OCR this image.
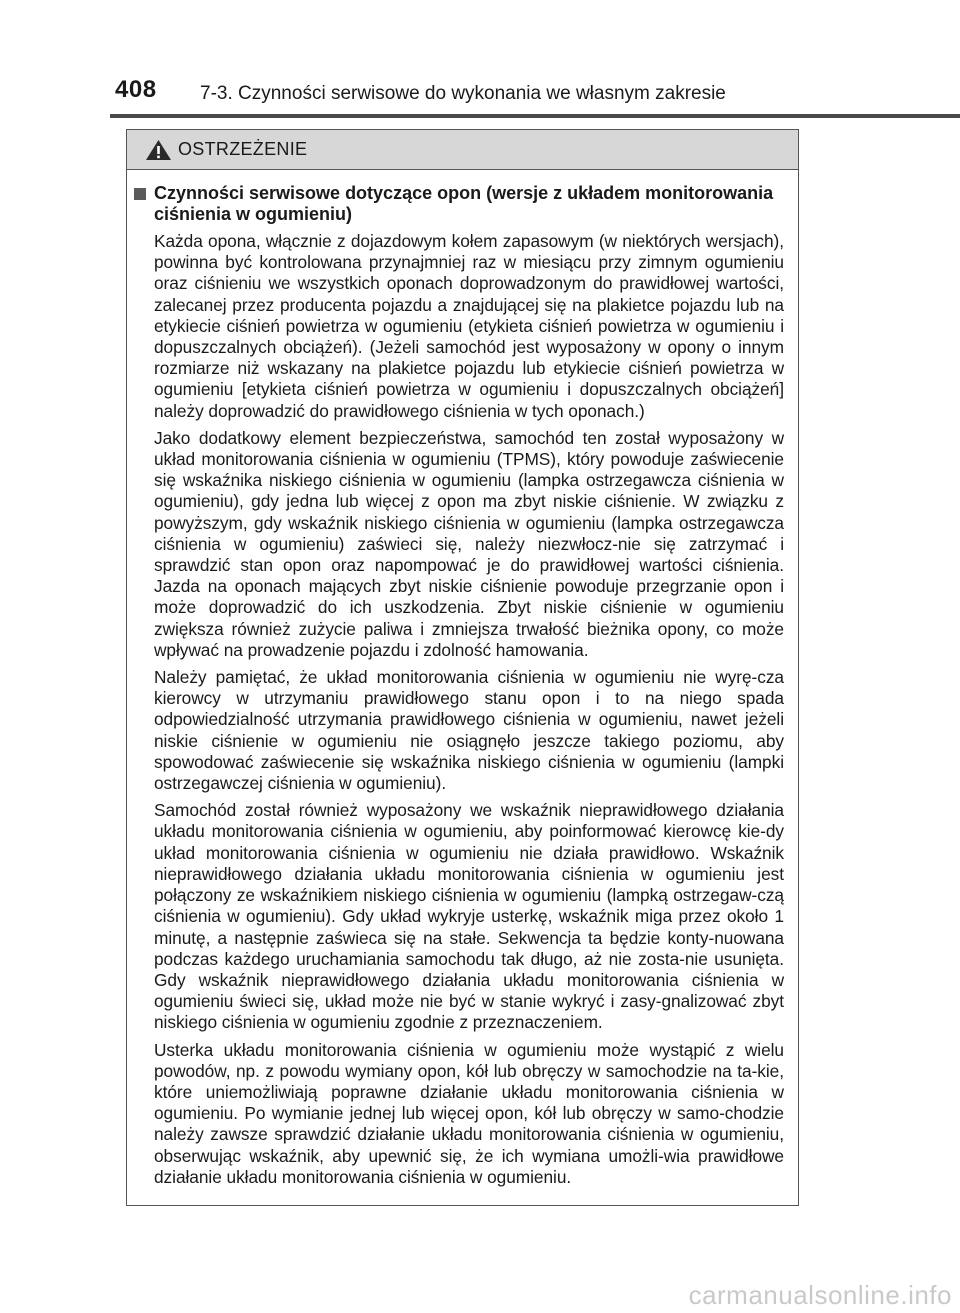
408 7-3. Czynności serwisowe do wykonania we własnym zakresie
OSTRZEŻENIE
Czynności serwisowe dotyczące opon (wersje z układem monitorowania ciśnienia w ogumieniu)

Każda opona, włącznie z dojazdowym kołem zapasowym (w niektórych wersjach), powinna być kontrolowana przynajmniej raz w miesiącu przy zimnym ogumieniu oraz ciśnieniu we wszystkich oponach doprowadzonym do prawidłowej wartości, zalecanej przez producenta pojazdu a znajdującej się na plakietce pojazdu lub na etykiecie ciśnień powietrza w ogumieniu (etykieta ciśnień powietrza w ogumieniu i dopuszczalnych obciążeń). (Jeżeli samochód jest wyposażony w opony o innym rozmiarze niż wskazany na plakietce pojazdu lub etykiecie ciśnień powietrza w ogumieniu [etykieta ciśnień powietrza w ogumieniu i dopuszczalnych obciążeń] należy doprowadzić do prawidłowego ciśnienia w tych oponach.)

Jako dodatkowy element bezpieczeństwa, samochód ten został wyposażony w układ monitorowania ciśnienia w ogumieniu (TPMS), który powoduje zaświecenie się wskaźnika niskiego ciśnienia w ogumieniu (lampka ostrzegawcza ciśnienia w ogumieniu), gdy jedna lub więcej z opon ma zbyt niskie ciśnienie. W związku z powyższym, gdy wskaźnik niskiego ciśnienia w ogumieniu (lampka ostrzegawcza ciśnienia w ogumieniu) zaświeci się, należy niezwłocz-nie się zatrzymać i sprawdzić stan opon oraz napompować je do prawidłowej wartości ciśnienia. Jazda na oponach mających zbyt niskie ciśnienie powoduje przegrzanie opon i może doprowadzić do ich uszkodzenia. Zbyt niskie ciśnienie w ogumieniu zwiększa również zużycie paliwa i zmniejsza trwałość bieżnika opony, co może wpływać na prowadzenie pojazdu i zdolność hamowania.

Należy pamiętać, że układ monitorowania ciśnienia w ogumieniu nie wyrę-cza kierowcy w utrzymaniu prawidłowego stanu opon i to na niego spada odpowiedzialność utrzymania prawidłowego ciśnienia w ogumieniu, nawet jeżeli niskie ciśnienie w ogumieniu nie osiągnęło jeszcze takiego poziomu, aby spowodować zaświecenie się wskaźnika niskiego ciśnienia w ogumieniu (lampki ostrzegawczej ciśnienia w ogumieniu).

Samochód został również wyposażony we wskaźnik nieprawidłowego działania układu monitorowania ciśnienia w ogumieniu, aby poinformować kierowcę kie-dy układ monitorowania ciśnienia w ogumieniu nie działa prawidłowo. Wskaźnik nieprawidłowego działania układu monitorowania ciśnienia w ogumieniu jest połączony ze wskaźnikiem niskiego ciśnienia w ogumieniu (lampką ostrzegaw-czą ciśnienia w ogumieniu). Gdy układ wykryje usterkę, wskaźnik miga przez około 1 minutę, a następnie zaświeca się na stałe. Sekwencja ta będzie konty-nuowana podczas każdego uruchamiania samochodu tak długo, aż nie zosta-nie usunięta. Gdy wskaźnik nieprawidłowego działania układu monitorowania ciśnienia w ogumieniu świeci się, układ może nie być w stanie wykryć i zasy-gnalizować zbyt niskiego ciśnienia w ogumieniu zgodnie z przeznaczeniem.

Usterka układu monitorowania ciśnienia w ogumieniu może wystąpić z wielu powodów, np. z powodu wymiany opon, kół lub obręczy w samochodzie na ta-kie, które uniemożliwiają poprawne działanie układu monitorowania ciśnienia w ogumieniu. Po wymianie jednej lub więcej opon, kół lub obręczy w samo-chodzie należy zawsze sprawdzić działanie układu monitorowania ciśnienia w ogumieniu, obserwując wskaźnik, aby upewnić się, że ich wymiana umożli-wia prawidłowe działanie układu monitorowania ciśnienia w ogumieniu.

carmanualsonline.info
